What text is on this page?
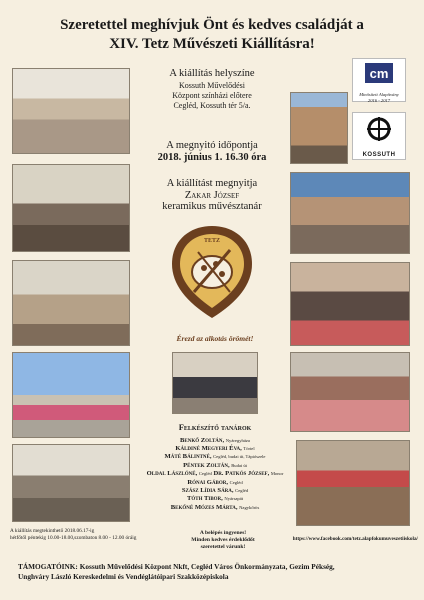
Szeretettel meghívjuk Önt és kedves családját a
XIV. Tetz Művészeti Kiállításra!
cm
Minősített Alapítvány 2016 - 2017
KOSSUTH
A kiállítás helyszíne
Kossuth Művelődési
Központ színházi előtere
Cegléd, Kossuth tér 5/a.
A megnyitó időpontja
2018. június 1. 16.30 óra
A kiállítást megnyitja
Zakar József
keramikus művésztanár
TETZ
Érezd az alkotás örömét!
Felkészítő tanárok
Benkő Zoltán, Nyáregyháza
Káldiné Megyeri Éva, Törtel
Máté Bálintné, Cegléd, budai út, Tápiószele
Péntek Zoltán, Budai út
Oldal Lászlóné, Cegléd Dr. Patkós József, Monor
Rónai Gábor, Cegléd
Szász Lídia Sára, Cegléd
Tóth Tibor, Nyársapát
Bekőné Mózes Márta, Nagykőrös
A kiállítás megtekinthető 2018.06.17-ig
hétfőtől péntekig 10.00-18.00,szombaton 8.00 - 12.00 óráig
A belépés ingyenes!
Minden kedves érdeklődőt
szeretettel várunk!
https://www.facebook.com/tetz.alapfokumuveszetiiskola/
TÁMOGATÓINK: Kossuth Művelődési Központ Nkft, Cegléd Város Önkormányzata, Gezim Pékség,
Unghváry László Kereskedelmi és Vendéglátóipari Szakközépiskola
